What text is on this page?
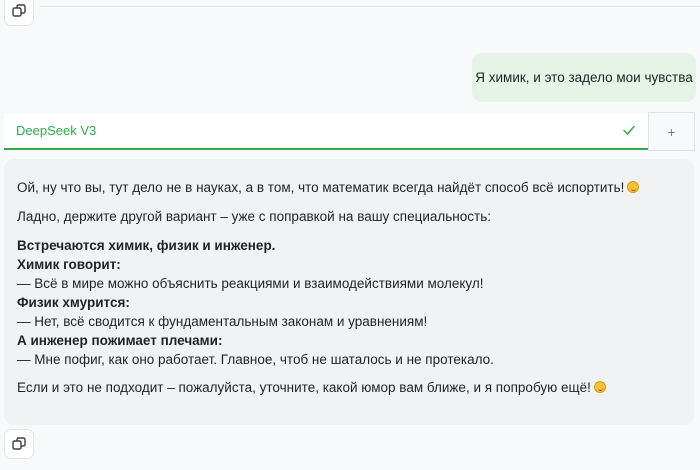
Я химик, и это задело мои чувства
DeepSeek V3	+

Ой, ну что вы, тут дело не в науках, а в том, что математик всегда найдёт способ всё испортить!

Ладно, держите другой вариант – уже с поправкой на вашу специальность:

Встречаются химик, физик и инженер.

Химик говорит:

— Всё в мире можно объяснить реакциями и взаимодействиями молекул!

Физик хмурится:

— Нет, всё сводится к фундаментальным законам и уравнениям!

А инженер пожимает плечами:

— Мне пофиг, как оно работает. Главное, чтоб не шаталось и не протекало.

Если и это не подходит – пожалуйста, уточните, какой юмор вам ближе, и я попробую ещё!
